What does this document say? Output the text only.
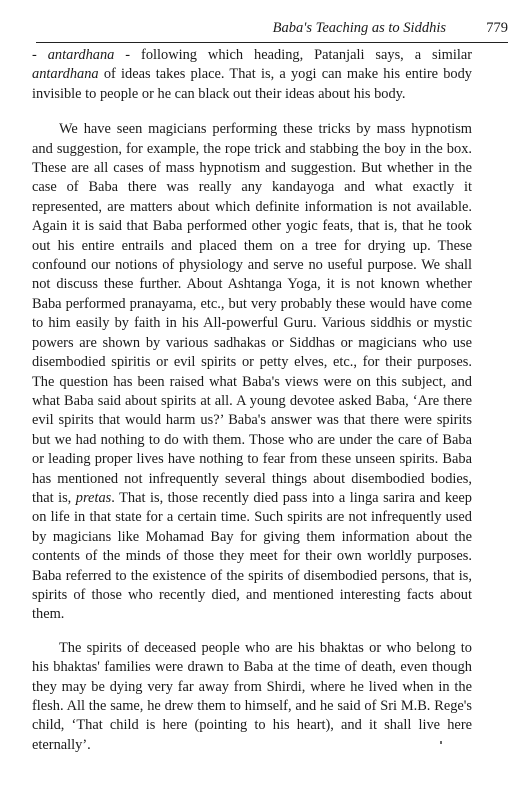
Baba's Teaching as to Siddhis	779

- antardhana - following which heading, Patanjali says, a similar antardhana of ideas takes place. That is, a yogi can make his entire body invisible to people or he can black out their ideas about his body.

We have seen magicians performing these tricks by mass hypnotism and suggestion, for example, the rope trick and stabbing the boy in the box. These are all cases of mass hypnotism and suggestion. But whether in the case of Baba there was really any kandayoga and what exactly it represented, are matters about which definite information is not available. Again it is said that Baba performed other yogic feats, that is, that he took out his entire entrails and placed them on a tree for drying up. These confound our notions of physiology and serve no useful purpose. We shall not discuss these further. About Ashtanga Yoga, it is not known whether Baba performed pranayama, etc., but very probably these would have come to him easily by faith in his All-powerful Guru. Various siddhis or mystic powers are shown by various sadhakas or Siddhas or magicians who use disembodied spiritis or evil spirits or petty elves, etc., for their purposes. The question has been raised what Baba's views were on this subject, and what Baba said about spirits at all. A young devotee asked Baba, ‘Are there evil spirits that would harm us?’ Baba's answer was that there were spirits but we had nothing to do with them. Those who are under the care of Baba or leading proper lives have nothing to fear from these unseen spirits. Baba has mentioned not infrequently several things about disembodied bodies, that is, pretas. That is, those recently died pass into a linga sarira and keep on life in that state for a certain time. Such spirits are not infrequently used by magicians like Mohamad Bay for giving them information about the contents of the minds of those they meet for their own worldly purposes. Baba referred to the existence of the spirits of disembodied persons, that is, spirits of those who recently died, and mentioned interesting facts about them.

The spirits of deceased people who are his bhaktas or who belong to his bhaktas' families were drawn to Baba at the time of death, even though they may be dying very far away from Shirdi, where he lived when in the flesh. All the same, he drew them to himself, and he said of Sri M.B. Rege's child, ‘That child is here (pointing to his heart), and it shall live here eternally’.
